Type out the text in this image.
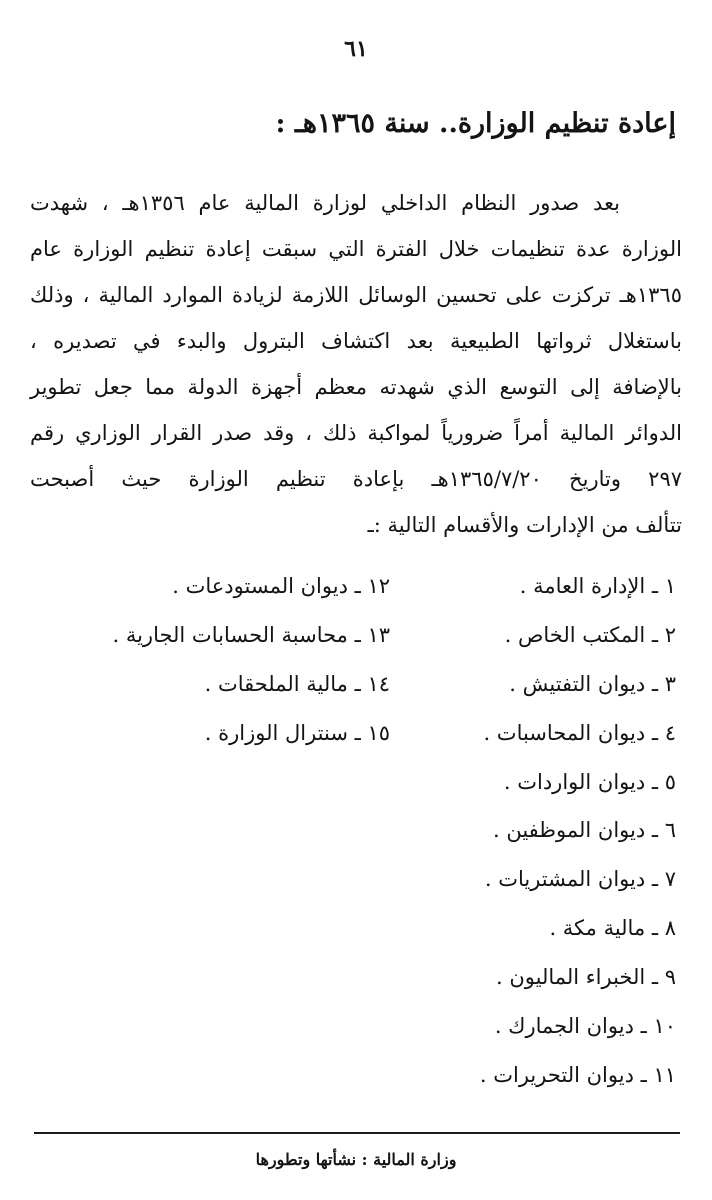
٦١
إعادة تنظيم الوزارة.. سنة ١٣٦٥هـ :
بعد صدور النظام الداخلي لوزارة المالية عام ١٣٥٦هـ ، شهدت
الوزارة عدة تنظيمات خلال الفترة التي سبقت إعادة تنظيم الوزارة عام
١٣٦٥هـ تركزت على تحسين الوسائل اللازمة لزيادة الموارد المالية ، وذلك
باستغلال ثرواتها الطبيعية بعد اكتشاف البترول والبدء في تصديره ،
بالإضافة إلى التوسع الذي شهدته معظم أجهزة الدولة مما جعل تطوير
الدوائر المالية أمراً ضرورياً لمواكبة ذلك ، وقد صدر القرار الوزاري رقم
٢٩٧ وتاريخ ١٣٦٥/٧/٢٠هـ بإعادة تنظيم الوزارة حيث أصبحت
تتألف من الإدارات والأقسام التالية :ـ
١ ـ الإدارة العامة .
٢ ـ المكتب الخاص .
٣ ـ ديوان التفتيش .
٤ ـ ديوان المحاسبات .
٥ ـ ديوان الواردات .
٦ ـ ديوان الموظفين .
٧ ـ ديوان المشتريات .
٨ ـ مالية مكة .
٩ ـ الخبراء الماليون .
١٠ ـ ديوان الجمارك .
١١ ـ ديوان التحريرات .
١٢ ـ ديوان المستودعات .
١٣ ـ محاسبة الحسابات الجارية .
١٤ ـ مالية الملحقات .
١٥ ـ سنترال الوزارة .
وزارة المالية : نشأتها وتطورها
